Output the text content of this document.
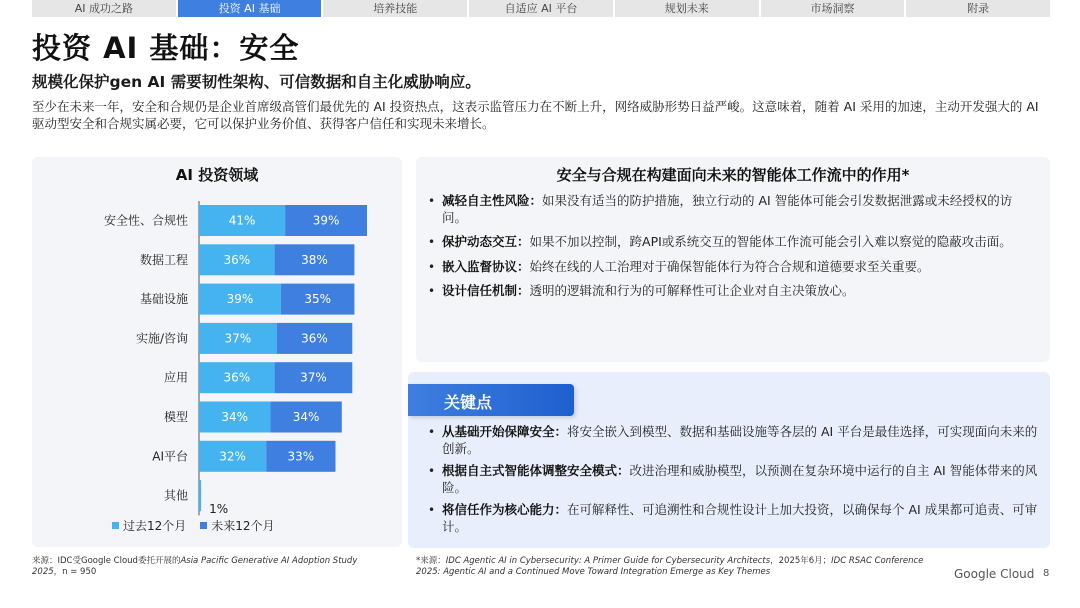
AI 成功之路	投资 AI 基础	培养技能	自适应 AI 平台	规划未来	市场洞察	附录
投资 AI 基础：安全
规模化保护gen AI 需要韧性架构、可信数据和自主化威胁响应。
至少在未来一年，安全和合规仍是企业首席级高管们最优先的 AI 投资热点，这表示监管压力在不断上升，网络威胁形势日益严峻。这意味着，随着 AI 采用的加速，主动开发强大的 AI 驱动型安全和合规实属必要，它可以保护业务价值、获得客户信任和实现未来增长。
安全性、合规性	41%	39%
数据工程	36%	38%
基础设施	39%	35%
实施/咨询	37%	36%
应用	36%	37%
模型	34%	34%
AI平台	32%	33%
其他
1%
AI 投资领域
过去12个月 未来12个月
安全与合规在构建面向未来的智能体工作流中的作用*
• 减轻自主性风险：如果没有适当的防护措施，独立行动的 AI 智能体可能会引发数据泄露或未经授权的访问。
• 保护动态交互：如果不加以控制，跨API或系统交互的智能体工作流可能会引入难以察觉的隐蔽攻击面。
• 嵌入监督协议：始终在线的人工治理对于确保智能体行为符合合规和道德要求至关重要。
• 设计信任机制：透明的逻辑流和行为的可解释性可让企业对自主决策放心。
关键点
• 从基础开始保障安全：将安全嵌入到模型、数据和基础设施等各层的 AI 平台是最佳选择，可实现面向未来的创新。
• 根据自主式智能体调整安全模式：改进治理和威胁模型，以预测在复杂环境中运行的自主 AI 智能体带来的风险。
• 将信任作为核心能力：在可解释性、可追溯性和合规性设计上加大投资，以确保每个 AI 成果都可追责、可审计。
来源：IDC受Google Cloud委托开展的Asia Pacific Generative AI Adoption Study 2025，n = 950
*来源：IDC Agentic AI in Cybersecurity: A Primer Guide for Cybersecurity Architects，2025年6月；IDC RSAC Conference 2025: Agentic AI and a Continued Move Toward Integration Emerge as Key Themes	Google Cloud 8
